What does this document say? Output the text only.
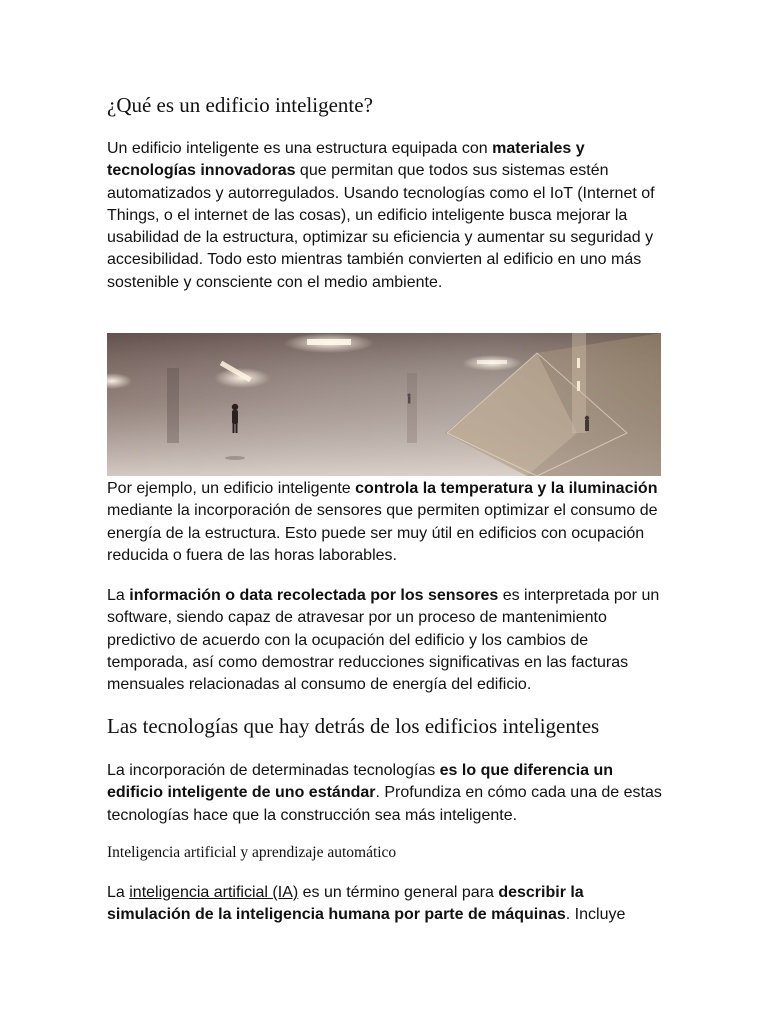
¿Qué es un edificio inteligente?
Un edificio inteligente es una estructura equipada con materiales y tecnologías innovadoras que permitan que todos sus sistemas estén automatizados y autorregulados. Usando tecnologías como el IoT (Internet of Things, o el internet de las cosas), un edificio inteligente busca mejorar la usabilidad de la estructura, optimizar su eficiencia y aumentar su seguridad y accesibilidad. Todo esto mientras también convierten al edificio en uno más sostenible y consciente con el medio ambiente.
Por ejemplo, un edificio inteligente controla la temperatura y la iluminación mediante la incorporación de sensores que permiten optimizar el consumo de energía de la estructura. Esto puede ser muy útil en edificios con ocupación reducida o fuera de las horas laborables.
La información o data recolectada por los sensores es interpretada por un software, siendo capaz de atravesar por un proceso de mantenimiento predictivo de acuerdo con la ocupación del edificio y los cambios de temporada, así como demostrar reducciones significativas en las facturas mensuales relacionadas al consumo de energía del edificio.
Las tecnologías que hay detrás de los edificios inteligentes
La incorporación de determinadas tecnologías es lo que diferencia un edificio inteligente de uno estándar. Profundiza en cómo cada una de estas tecnologías hace que la construcción sea más inteligente.
Inteligencia artificial y aprendizaje automático
La inteligencia artificial (IA) es un término general para describir la simulación de la inteligencia humana por parte de máquinas. Incluye
